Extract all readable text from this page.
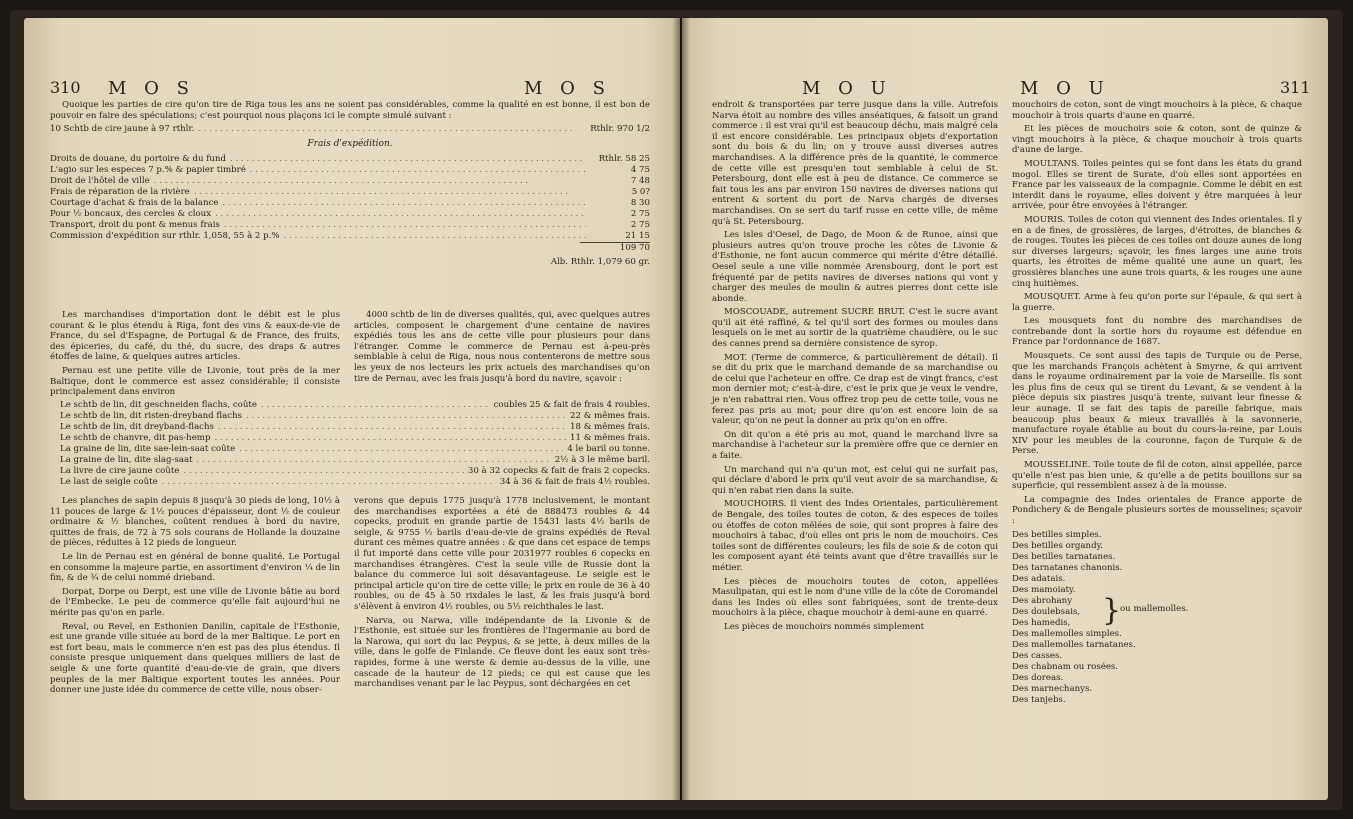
310 M O S	M O S

Quoique les parties de cire qu'on tire de Riga tous les ans ne soient pas considérables, comme la qualité en est bonne, il est bon de pouvoir en faire des spéculations; c'est pourquoi nous plaçons ici le compte simulé suivant :

10 Schtb de cire jaune à 97 rthlr. . . .	Rthlr. 970 1/2
Frais d'expédition.
Droits de douane, du portoire & du fund . . .	Rthlr. 58 25
L'agio sur les especes 7 p.% & papier timbré . . .	4 75
Droit de l'hôtel de ville . . .	7 48
Frais de réparation de la rivière . . .	5 0?
Courtage d'achat & frais de la balance . . .	8 30
Pour ½ boncaux, des cercles & cloux . . .	2 75
Transport, droit du pont & menus frais . . .	2 75
Commission d'expédition sur rthlr. 1,058, 55 à 2 p.% . . .	21 15
109 70
Alb. Rthlr. 1,079 60 gr.

Les marchandises d'importation dont le débit est le plus courant & le plus étendu à Riga, font des vins & eaux-de-vie de France, du sel d'Espagne, de Portugal & de France, des fruits, des épiceries, du café, du thé, du sucre, des draps & autres étoffes de laine, & quelques autres articles.

Pernau est une petite ville de Livonie, tout près de la mer Baltique, dont le commerce est assez considérable; il consiste principalement dans environ

4000 schtb de lin de diverses qualités, qui, avec quelques autres articles, composent le chargement d'une centaine de navires expédiés tous les ans de cette ville pour plusieurs pour dans l'étranger. Comme le commerce de Pernau est à-peu-près semblable à celui de Riga, nous nous contenterons de mettre sous les yeux de nos lecteurs les prix actuels des marchandises qu'on tire de Pernau, avec les frais jusqu'à bord du navire, sçavoir :

Le schtb de lin, dit geschneiden flachs, coûte . . .	coubles 25 & fait de frais 4 roubles.
Le schtb de lin, dit risten-dreyband flachs . . .	22 & mêmes frais.
Le schtb de lin, dit dreyband-flachs . . .	18 & mêmes frais.
Le schtb de chanvre, dit pas-hemp . . .	11 & mêmes frais.
La graine de lin, dite sae-lein-saat coûte . . .	4 le baril ou tonne.
La graine de lin, dite slag-saat . . .	2½ à 3 le même baril.
La livre de cire jaune coûte . . .	30 à 32 copecks & fait de frais 2 copecks.
Le last de seigle coûte . . .	34 à 36 & fait de frais 4½ roubles.

Les planches de sapin depuis 8 jusqu'à 30 pieds de long, 10½ à 11 pouces de large & 1½ pouces d'épaisseur, dont ½ de couleur ordinaire & ½ blanches, coûtent rendues à bord du navire, quittes de frais, de 72 à 75 sols courans de Hollande la douzaine de pièces, réduites à 12 pieds de longueur.

Le lin de Pernau est en général de bonne qualité. Le Portugal en consomme la majeure partie, en assortiment d'environ ¼ de lin fin, & de ¾ de celui nommé drieband.

Dorpat, Dorpe ou Derpt, est une ville de Livonie bâtie au bord de l'Embecke. Le peu de commerce qu'elle fait aujourd'hui ne mérite pas qu'on en parle.

Reval, ou Revel, en Esthonien Danilin, capitale de l'Esthonie, est une grande ville située au bord de la mer Baltique. Le port en est fort beau, mais le commerce n'en est pas des plus étendus. Il consiste presque uniquement dans quelques milliers de last de seigle & une forte quantité d'eau-de-vie de grain, que divers peuples de la mer Baltique exportent toutes les années. Pour donner une juste idée du commerce de cette ville, nous obser-

verons que depuis 1775 jusqu'à 1778 inclusivement, le montant des marchandises exportées a été de 888473 roubles & 44 copecks, produit en grande partie de 15431 lasts 4½ barils de seigle, & 9755 ½ barils d'eau-de-vie de grains expédiés de Reval durant ces mêmes quatre années : & que dans cet espace de temps il fut importé dans cette ville pour 2031977 roubles 6 copecks en marchandises étrangères. C'est la seule ville de Russie dont la balance du commerce lui soit désavantageuse. Le seigle est le principal article qu'on tire de cette ville; le prix en roule de 36 à 40 roubles, ou de 45 à 50 rixdales le last, & les frais jusqu'à bord s'élèvent à environ 4½ roubles, ou 5½ reichthales le last.

Narva, ou Narwa, ville indépendante de la Livonie & de l'Esthonie, est située sur les frontières de l'Ingermanie au bord de la Narowa, qui sort du lac Peypus, & se jette, à deux milles de la ville, dans le golfe de Finlande. Ce fleuve dont les eaux sont très-rapides, forme à une werste & demie au-dessus de la ville, une cascade de la hauteur de 12 pieds; ce qui est cause que les marchandises venant par le lac Peypus, sont déchargées en cet

M O U	M O U	311

endroit & transportées par terre jusque dans la ville. Autrefois Narva étoit au nombre des villes anséatiques, & faisoit un grand commerce : il est vrai qu'il est beaucoup déchu, mais malgré cela il est encore considérable. Les principaux objets d'exportation sont du bois & du lin; on y trouve aussi diverses autres marchandises. A la différence près de la quantité, le commerce de cette ville est presqu'en tout semblable à celui de St. Petersbourg, dont elle est à peu de distance. Ce commerce se fait tous les ans par environ 150 navires de diverses nations qui entrent & sortent du port de Narva chargés de diverses marchandises. On se sert du tarif russe en cette ville, de même qu'à St. Petersbourg.

Les isles d'Oesel, de Dago, de Moon & de Runoe, ainsi que plusieurs autres qu'on trouve proche les côtes de Livonie & d'Esthonie, ne font aucun commerce qui mérite d'être détaillé. Oesel seule a une ville nommée Arensbourg, dont le port est fréquenté par de petits navires de diverses nations qui vont y charger des meules de moulin & autres pierres dont cette isle abonde.

MOSCOUADE, autrement SUCRE BRUT. C'est le sucre avant qu'il ait été raffiné, & tel qu'il sort des formes ou moules dans lesquels on le met au sortir de la quatrième chaudière, ou le suc des cannes prend sa dernière consistence de syrop.

MOT. (Terme de commerce, & particulièrement de détail). Il se dit du prix que le marchand demande de sa marchandise ou de celui que l'acheteur en offre. Ce drap est de vingt francs, c'est mon dernier mot; c'est-à-dire, c'est le prix que je veux le vendre, je n'en rabattrai rien. Vous offrez trop peu de cette toile, vous ne ferez pas pris au mot; pour dire qu'on est encore loin de sa valeur, qu'on ne peut la donner au prix qu'on en offre.

On dit qu'on a été pris au mot, quand le marchand livre sa marchandise à l'acheteur sur la première offre que ce dernier en a faite.

Un marchand qui n'a qu'un mot, est celui qui ne surfait pas, qui déclare d'abord le prix qu'il veut avoir de sa marchandise, & qui n'en rabat rien dans la suite.

MOUCHOIRS. Il vient des Indes Orientales, particulièrement de Bengale, des toiles toutes de coton, & des especes de toiles ou étoffes de coton mêlées de soie, qui sont propres à faire des mouchoirs à tabac, d'où elles ont pris le nom de mouchoirs. Ces toiles sont de différentes couleurs; les fils de soie & de coton qui les composent ayant été teints avant que d'être travaillés sur le métier.

Les pièces de mouchoirs toutes de coton, appellées Masulipatan, qui est le nom d'une ville de la côte de Coromandel dans les Indes où elles sont fabriquées, sont de trente-deux mouchoirs à la pièce, chaque mouchoir à demi-aune en quarré.

Les pièces de mouchoirs nommés simplement

mouchoirs de coton, sont de vingt mouchoirs à la pièce, & chaque mouchoir à trois quarts d'aune en quarré.

Et les pièces de mouchoirs soie & coton, sont de quinze & vingt mouchoirs à la pièce, & chaque mouchoir à trois quarts d'aune de large.

MOULTANS. Toiles peintes qui se font dans les états du grand mogol. Elles se tirent de Surate, d'où elles sont apportées en France par les vaisseaux de la compagnie. Comme le débit en est interdit dans le royaume, elles doivent y être marquées à leur arrivée, pour être envoyées à l'étranger.

MOURIS. Toiles de coton qui viennent des Indes orientales. Il y en a de fines, de grossières, de larges, d'étroites, de blanches & de rouges. Toutes les pièces de ces toiles ont douze aunes de long sur diverses largeurs; sçavoir, les fines larges une aune trois quarts, les étroites de même qualité une aune un quart, les grossières blanches une aune trois quarts, & les rouges une aune cinq huitièmes.

MOUSQUET. Arme à feu qu'on porte sur l'épaule, & qui sert à la guerre.

Les mousquets font du nombre des marchandises de contrebande dont la sortie hors du royaume est défendue en France par l'ordonnance de 1687.

Mousquets. Ce sont aussi des tapis de Turquie ou de Perse, que les marchands François achètent à Smyrne, & qui arrivent dans le royaume ordinairement par la voie de Marseille. Ils sont les plus fins de ceux qui se tirent du Levant, & se vendent à la pièce depuis six piastres jusqu'à trente, suivant leur finesse & leur aunage. Il se fait des tapis de pareille fabrique, mais beaucoup plus beaux & mieux travaillés à la savonnerie, manufacture royale établie au bout du cours-la-reine, par Louis XIV pour les meubles de la couronne, façon de Turquie & de Perse.

MOUSSELINE. Toile toute de fil de coton, ainsi appellée, parce qu'elle n'est pas bien unie, & qu'elle a de petits bouillons sur sa superficie, qui ressemblent assez à de la mousse.

La compagnie des Indes orientales de France apporte de Pondichery & de Bengale plusieurs sortes de mousselines; sçavoir :

Des betilles simples.
Des betilles organdy.
Des betilles tarnatanes.
Des tarnatanes chanonis.
Des adatais.
Des mamoiaty.
Des abrohany
Des doulebsais,
Des hamedis,
Des mallemolles simples.
Des mallemolles tarnatanes.
Des casses.
Des chabnam ou rosées.
Des doreas.
Des marnechanys.
Des tanjebs.
}
ou mallemolles.
